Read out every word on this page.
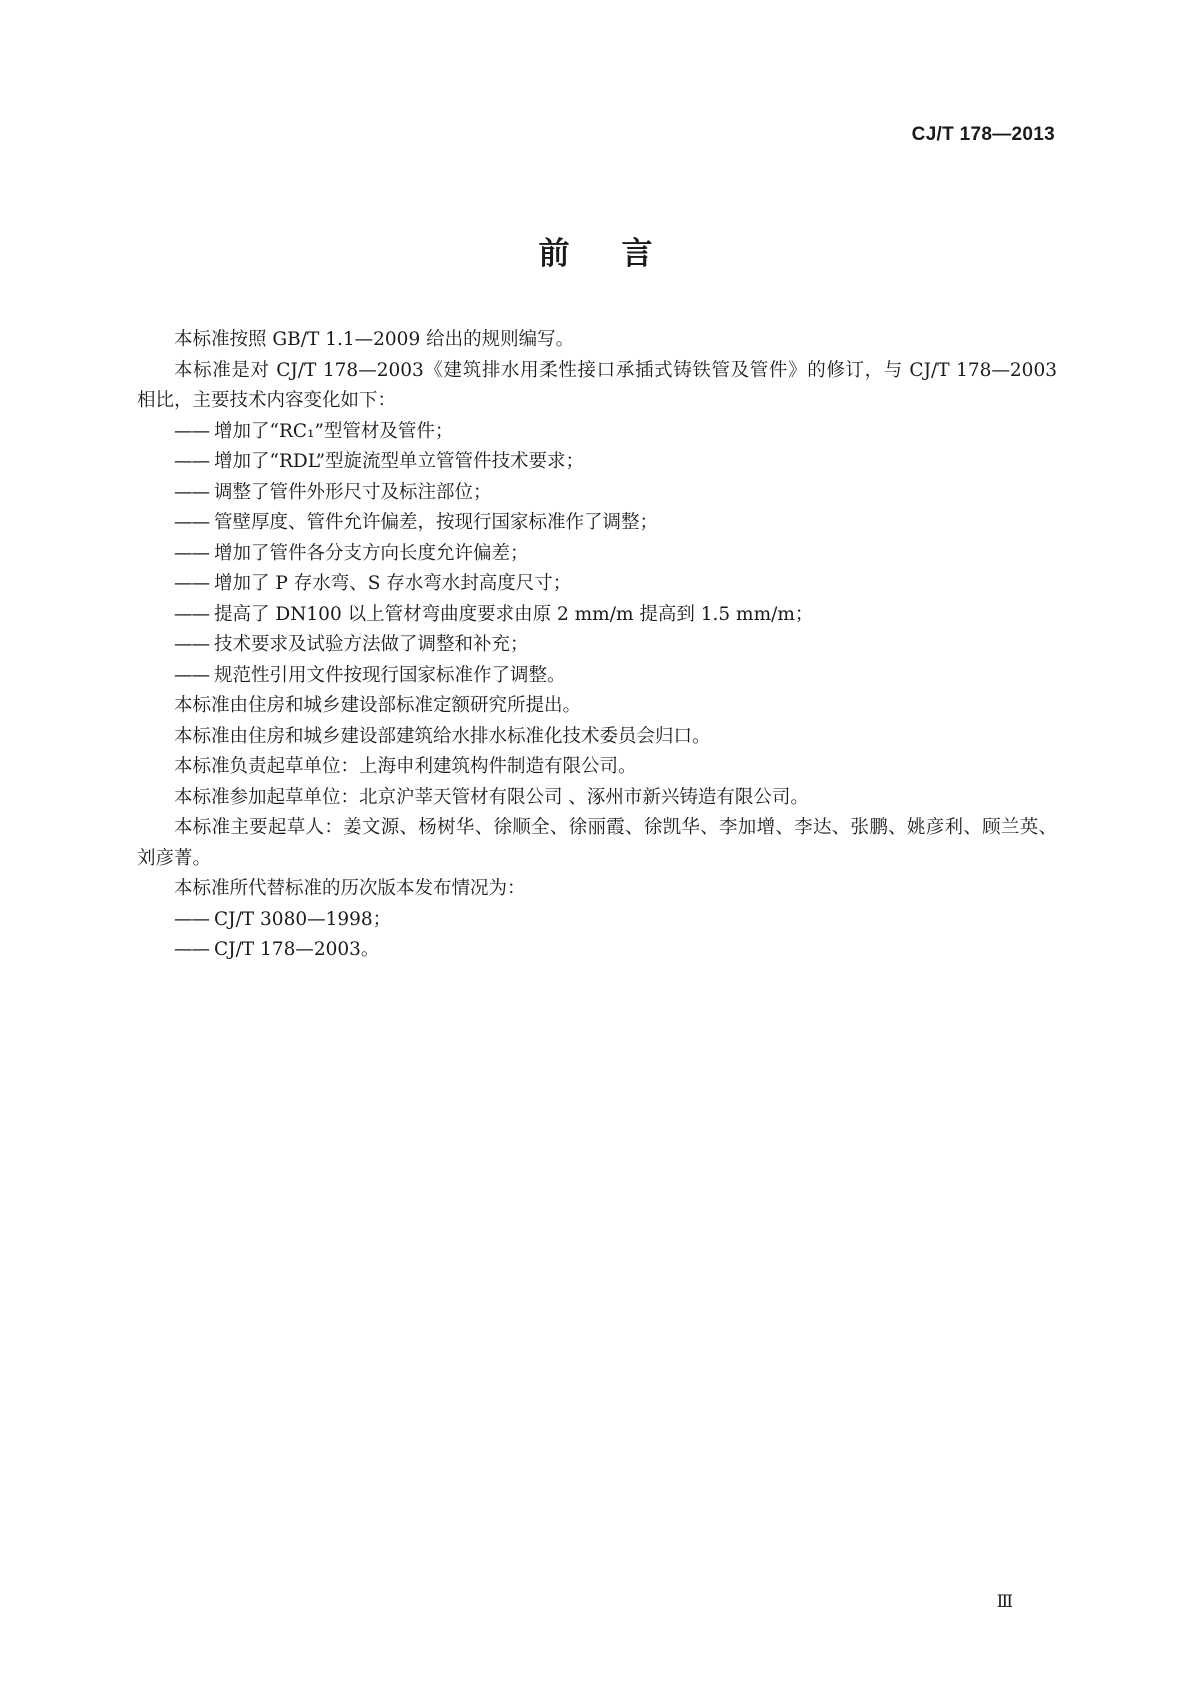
CJ/T 178—2013
前言

本标准按照 GB/T 1.1—2009 给出的规则编写。

本标准是对 CJ/T 178—2003《建筑排水用柔性接口承插式铸铁管及管件》的修订，与 CJ/T 178—2003 相比，主要技术内容变化如下：

—— 增加了“RC₁”型管材及管件；

—— 增加了“RDL”型旋流型单立管管件技术要求；

—— 调整了管件外形尺寸及标注部位；

—— 管壁厚度、管件允许偏差，按现行国家标准作了调整；

—— 增加了管件各分支方向长度允许偏差；

—— 增加了 P 存水弯、S 存水弯水封高度尺寸；

—— 提高了 DN100 以上管材弯曲度要求由原 2 mm/m 提高到 1.5 mm/m；

—— 技术要求及试验方法做了调整和补充；

—— 规范性引用文件按现行国家标准作了调整。

本标准由住房和城乡建设部标准定额研究所提出。

本标准由住房和城乡建设部建筑给水排水标准化技术委员会归口。

本标准负责起草单位：上海申利建筑构件制造有限公司。

本标准参加起草单位：北京沪莘天管材有限公司 、涿州市新兴铸造有限公司。

本标准主要起草人：姜文源、杨树华、徐顺全、徐丽霞、徐凯华、李加增、李达、张鹏、姚彦利、顾兰英、刘彦菁。

本标准所代替标准的历次版本发布情况为：

—— CJ/T 3080—1998；

—— CJ/T 178—2003。

Ⅲ
